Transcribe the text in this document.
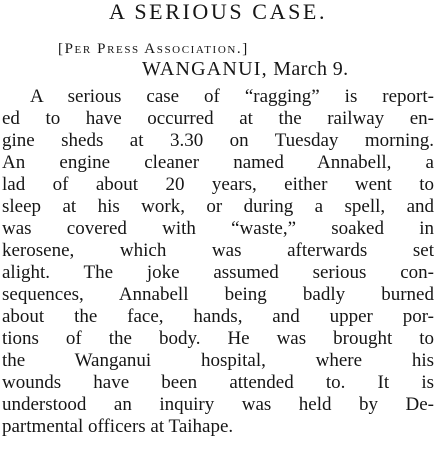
A SERIOUS CASE.
[Per Press Association.]
WANGANUI, March 9.
A serious case of “ragging” is report-
ed to have occurred at the railway en-
gine sheds at 3.30 on Tuesday morning.
An engine cleaner named Annabell, a
lad of about 20 years, either went to
sleep at his work, or during a spell, and
was covered with “waste,” soaked in
kerosene, which was afterwards set
alight. The joke assumed serious con-
sequences, Annabell being badly burned
about the face, hands, and upper por-
tions of the body. He was brought to
the Wanganui hospital, where his
wounds have been attended to. It is
understood an inquiry was held by De-
partmental officers at Taihape.
